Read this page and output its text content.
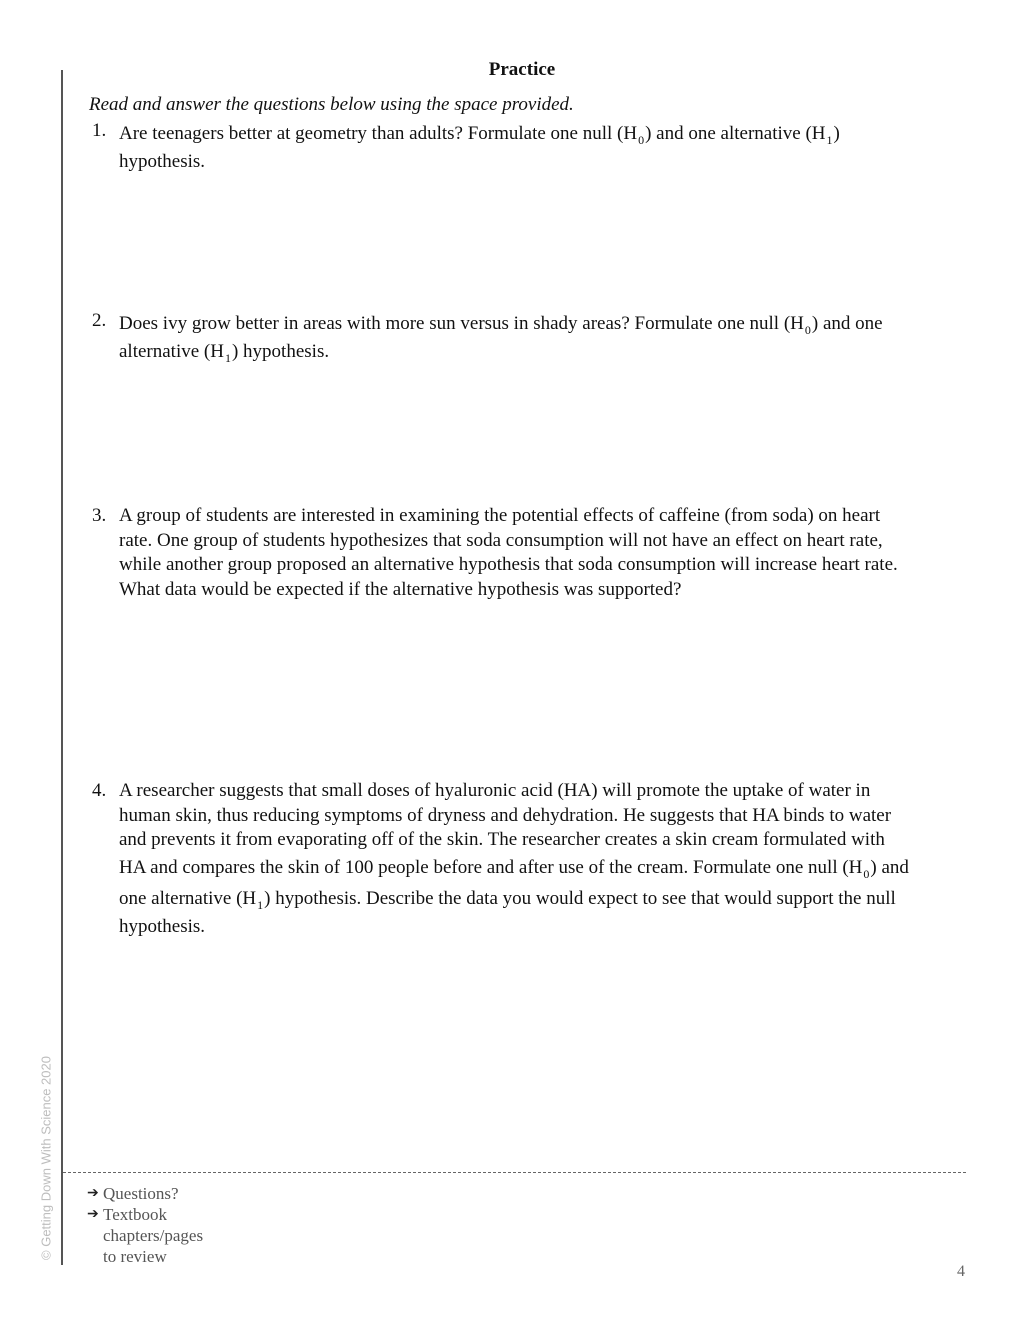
© Getting Down With Science 2020
Practice
Read and answer the questions below using the space provided.
1. Are teenagers better at geometry than adults? Formulate one null $(H_0)$ and one alternative $(H_1)$
hypothesis.
2. Does ivy grow better in areas with more sun versus in shady areas? Formulate one null $(H_0)$ and one
alternative $(H_1)$ hypothesis.
3. A group of students are interested in examining the potential effects of caffeine (from soda) on heart
rate. One group of students hypothesizes that soda consumption will not have an effect on heart rate,
while another group proposed an alternative hypothesis that soda consumption will increase heart rate.
What data would be expected if the alternative hypothesis was supported?
4. A researcher suggests that small doses of hyaluronic acid (HA) will promote the uptake of water in
human skin, thus reducing symptoms of dryness and dehydration. He suggests that HA binds to water
and prevents it from evaporating off of the skin. The researcher creates a skin cream formulated with
HA and compares the skin of 100 people before and after use of the cream. Formulate one null $(H_0)$ and
one alternative $(H_1)$ hypothesis. Describe the data you would expect to see that would support the null
hypothesis.
➔ Questions?
➔ Textbook
chapters/pages
to review
4
